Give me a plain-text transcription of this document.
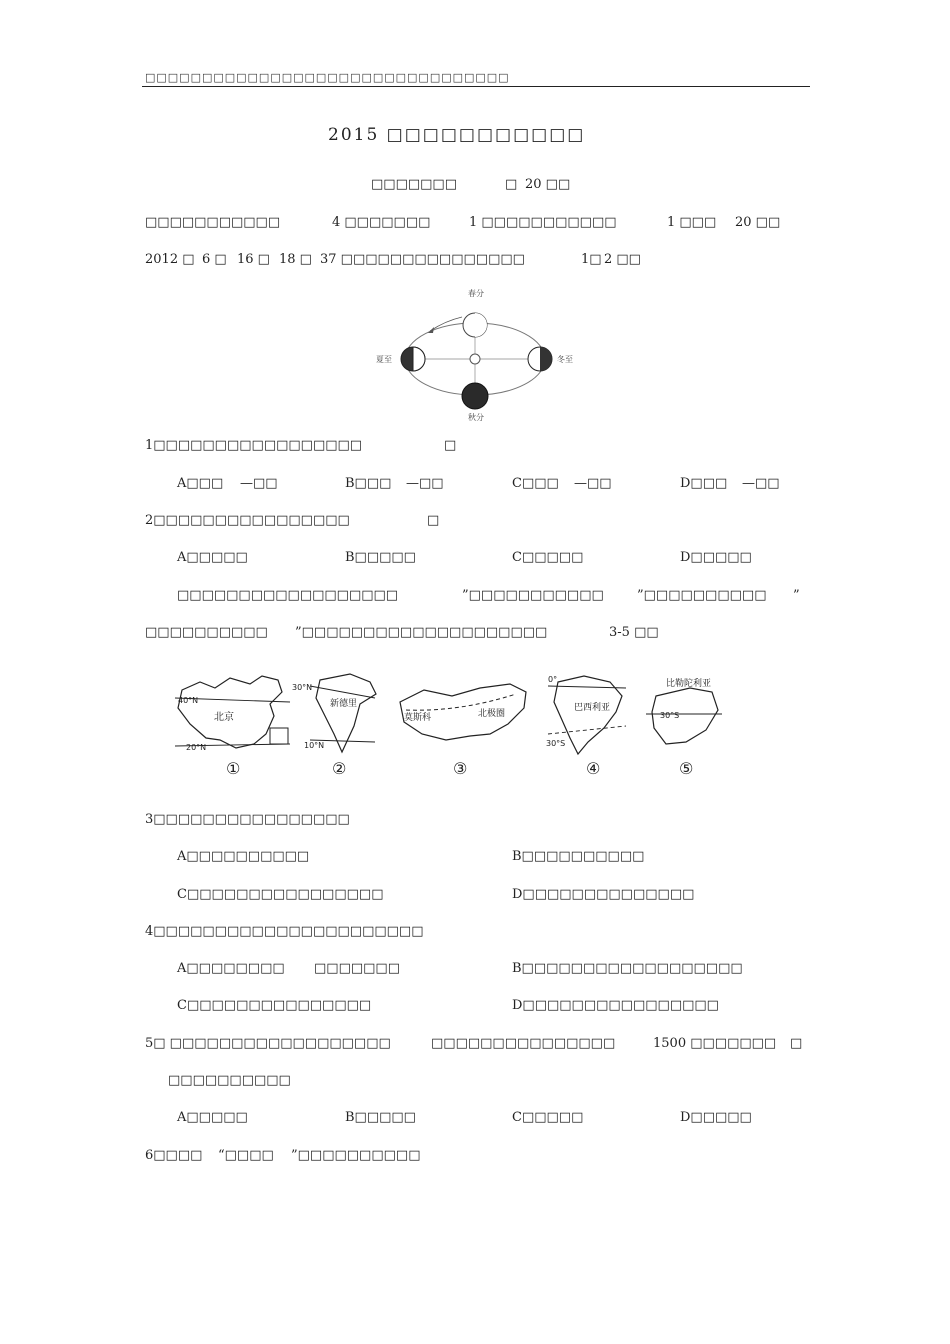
□□□□□□□□□□□□□□□□□□□□□□□□□□□□□□□□
2015 □□□□□□□□□□□
□□□□□□□	□ 20 □□
□□□□□□□□□□□	4 □□□□□□□	1 □□□□□□□□□□□	1 □□□ 20 □□
2012 □ 6 □ 16 □ 18 □ 37 □□□□□□□□□□□□□□□	1□ 2 □□
春分
夏至	冬至
秋分
1□□□□□□□□□□□□□□□□□	□
A□□□ —□□	B□□□ —□□	C□□□ —□□	D□□□ —□□
2□□□□□□□□□□□□□□□□	□
A□□□□□	B□□□□□	C□□□□□	D□□□□□
□□□□□□□□□□□□□□□□□□	”□□□□□□□□□□□	”□□□□□□□□□□ ”
□□□□□□□□□□ ”□□□□□□□□□□□□□□□□□□□□	3-5 □□
40°N
北京
20°N
30°N
新德里
10°N
莫斯科	北极圈
0°
巴西利亚
30°S
比勒陀利亚
30°S
①	②	③	④	⑤
3□□□□□□□□□□□□□□□□
A□□□□□□□□□□	B□□□□□□□□□□
C□□□□□□□□□□□□□□□□	D□□□□□□□□□□□□□□
4□□□□□□□□□□□□□□□□□□□□□□
A□□□□□□□□ □□□□□□□	B□□□□□□□□□□□□□□□□□□
C□□□□□□□□□□□□□□□	D□□□□□□□□□□□□□□□□
5□ □□□□□□□□□□□□□□□□□□	□□□□□□□□□□□□□□□	1500 □□□□□□□ □
□□□□□□□□□□
A□□□□□	B□□□□□	C□□□□□	D□□□□□
6□□□□ “□□□□ ”□□□□□□□□□□
